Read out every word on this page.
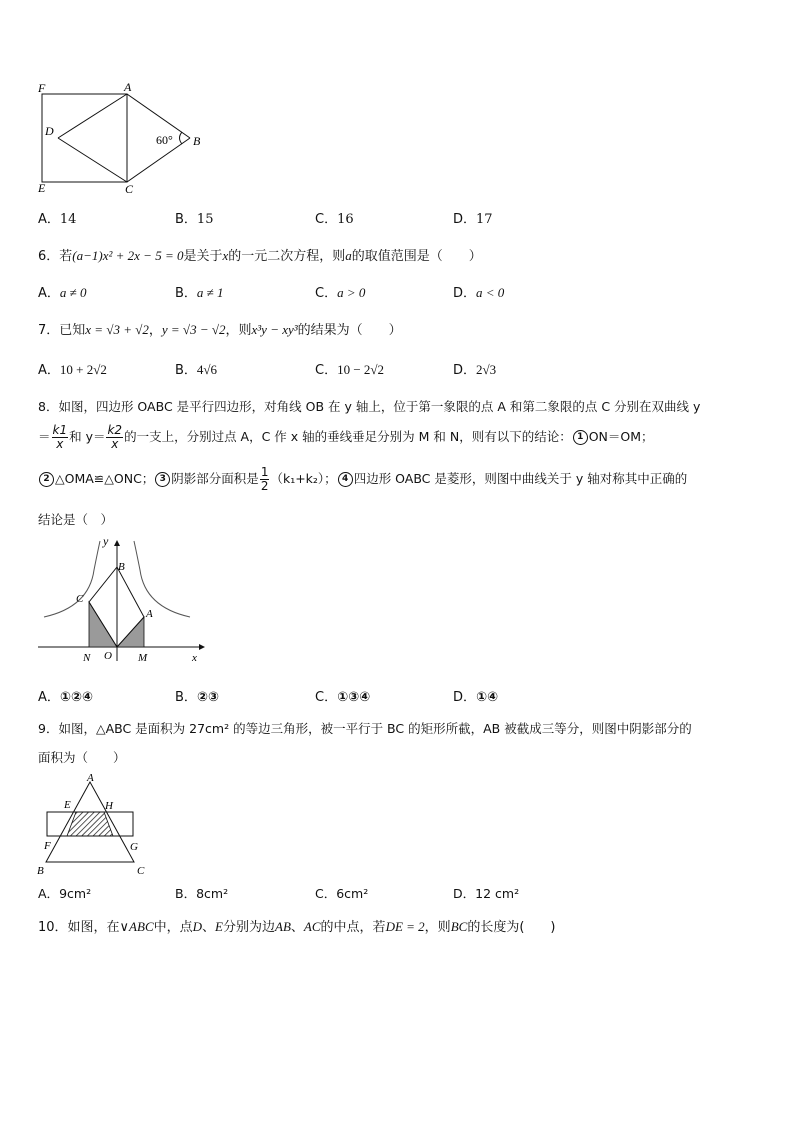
F	A
D
60° B
E	C
A．14	B．15	C．16	D．17
6．若(a−1)x² + 2x − 5 = 0是关于x的一元二次方程，则a的取值范围是（　　）
A．a ≠ 0	B．a ≠ 1	C．a > 0	D．a < 0
7．已知x = √3 + √2，y = √3 − √2，则x³y − xy³的结果为（　　）
A．10 + 2√2	B．4√6	C．10 − 2√2	D．2√3
8．如图，四边形 OABC 是平行四边形，对角线 OB 在 y 轴上，位于第一象限的点 A 和第二象限的点 C 分别在双曲线 y
＝ $\frac{k1}{x}$ 和 $y= \frac{k2}{x}$ 的一支上，分别过点 A，C 作 x 轴的垂线垂足分别为 M 和 N，则有以下的结论： 1 ON＝OM；
2 △OMA≌△ONC； 3 阴影部分面积是 $\frac{1}{2} (k_1+k_2)$； 4 四边形 OABC 是菱形，则图中曲线关于 y 轴对称其中正确的
结论是（　）
y
B
C
A
N O M	x
A．①②④	B．②③	C．①③④	D．①④
9．如图，△ABC 是面积为 27cm² 的等边三角形，被一平行于 BC 的矩形所截，AB 被截成三等分，则图中阴影部分的
面积为（　　）
A
E	H
F	G
B	C
A．9cm²	B．8cm²	C．6cm²	D．12 cm²
10．如图，在∨ABC中，点D、E分别为边AB、AC的中点，若DE = 2，则BC的长度为(　　)
